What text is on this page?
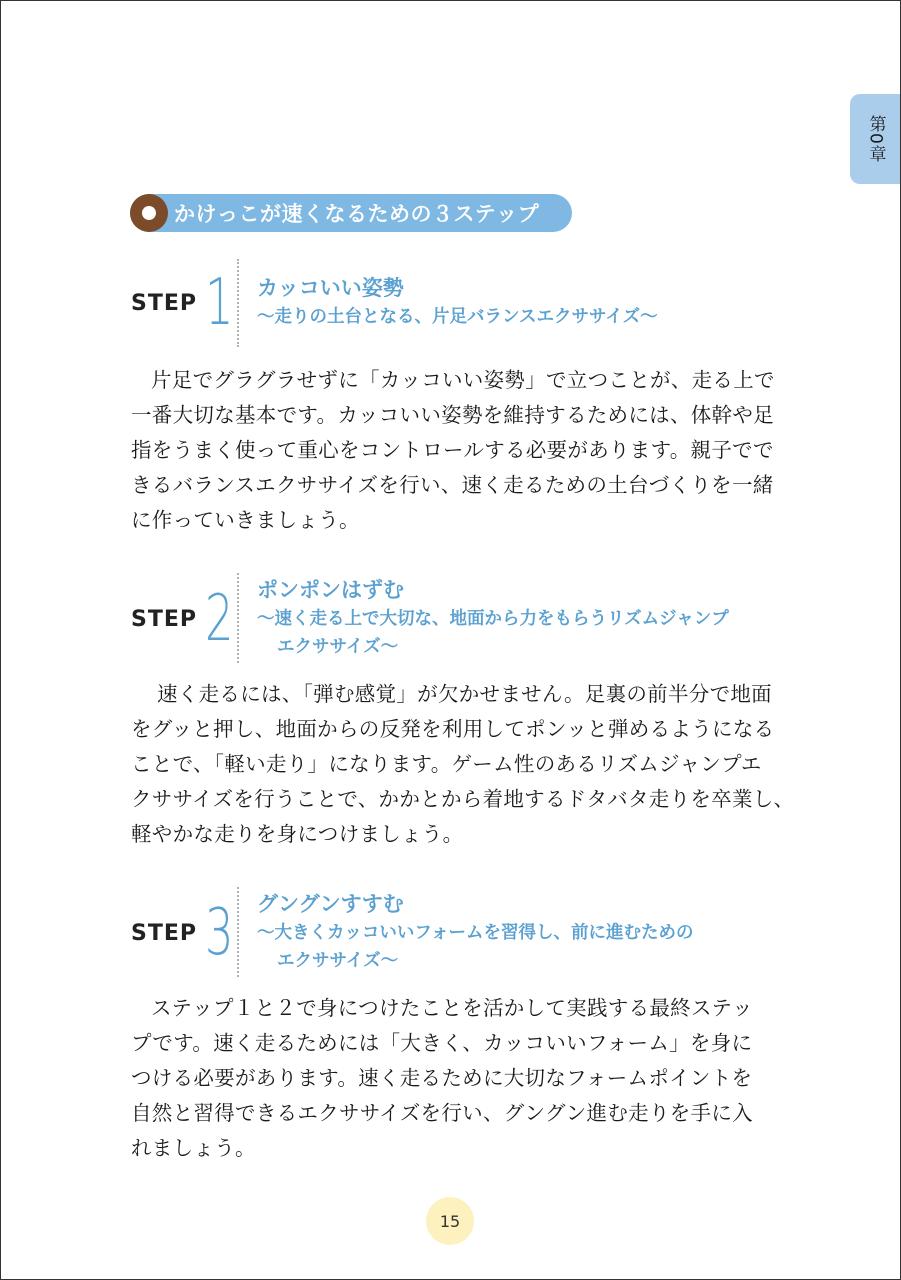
第0章
かけっこが速くなるための３ステップ
STEP 1 カッコいい姿勢
〜走りの土台となる、片足バランスエクササイズ〜
片足でグラグラせずに「カッコいい姿勢」で立つことが、走る上で
一番大切な基本です。カッコいい姿勢を維持するためには、体幹や足
指をうまく使って重心をコントロールする必要があります。親子でで
きるバランスエクササイズを行い、速く走るための土台づくりを一緒
に作っていきましょう。
STEP 2 ポンポンはずむ
〜速く走る上で大切な、地面から力をもらうリズムジャンプ
エクササイズ〜
速く走るには、「弾む感覚」が欠かせません。足裏の前半分で地面
をグッと押し、地面からの反発を利用してポンッと弾めるようになる
ことで、「軽い走り」になります。ゲーム性のあるリズムジャンプエ
クササイズを行うことで、かかとから着地するドタバタ走りを卒業し、
軽やかな走りを身につけましょう。
STEP 3 グングンすすむ
〜大きくカッコいいフォームを習得し、前に進むための
エクササイズ〜
ステップ１と２で身につけたことを活かして実践する最終ステッ
プです。速く走るためには「大きく、カッコいいフォーム」を身に
つける必要があります。速く走るために大切なフォームポイントを
自然と習得できるエクササイズを行い、グングン進む走りを手に入
れましょう。
15
